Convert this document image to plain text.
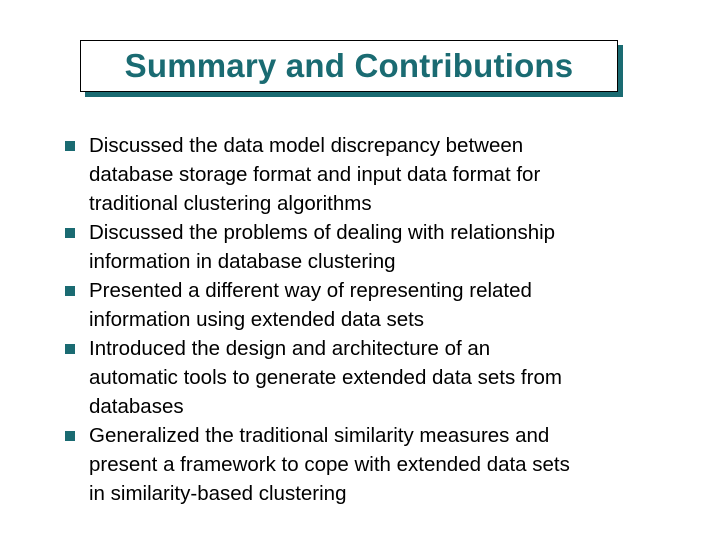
Summary and Contributions
Discussed the data model discrepancy between
database storage format and input data format for
traditional clustering algorithms
Discussed the problems of dealing with relationship
information in database clustering
Presented a different way of representing related
information using extended data sets
Introduced the design and architecture of an
automatic tools to generate extended data sets from
databases
Generalized the traditional similarity measures and
present a framework to cope with extended data sets
in similarity-based clustering
